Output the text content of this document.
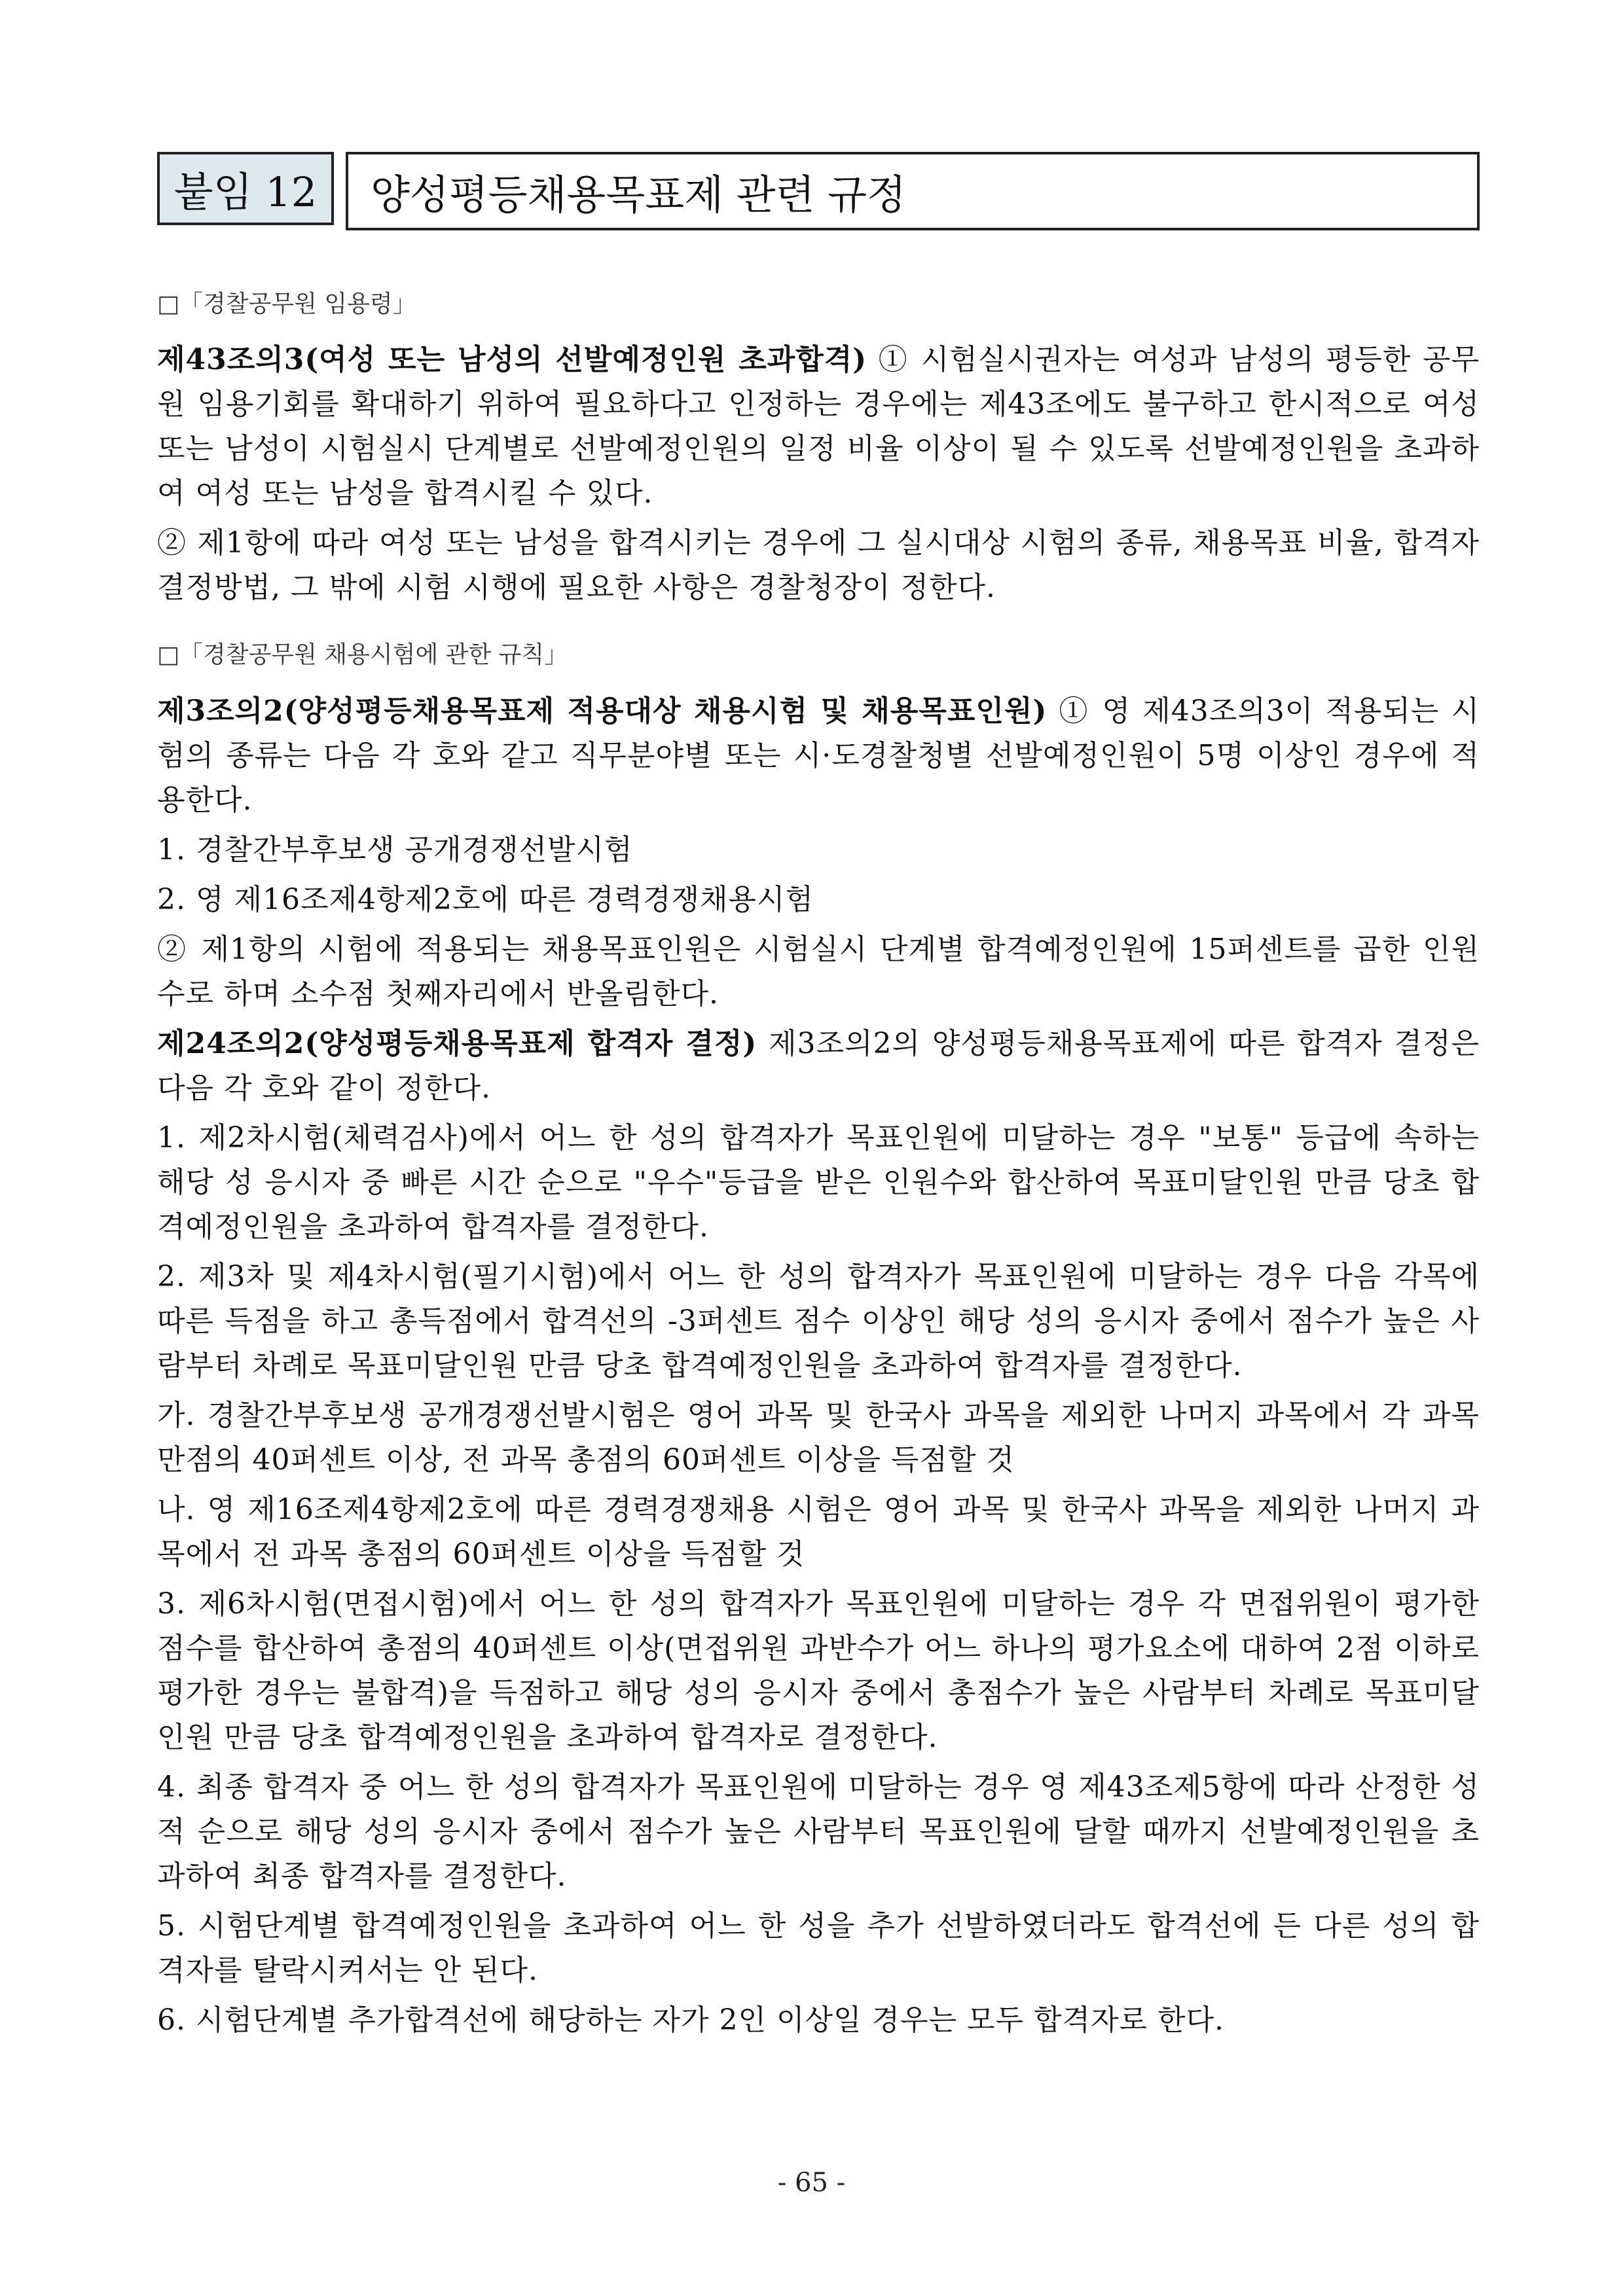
붙임 12	양성평등채용목표제 관련 규정
□「경찰공무원 임용령」

제43조의3(여성 또는 남성의 선발예정인원 초과합격) ① 시험실시권자는 여성과 남성의 평등한 공무원 임용기회를 확대하기 위하여 필요하다고 인정하는 경우에는 제43조에도 불구하고 한시적으로 여성 또는 남성이 시험실시 단계별로 선발예정인원의 일정 비율 이상이 될 수 있도록 선발예정인원을 초과하여 여성 또는 남성을 합격시킬 수 있다.

② 제1항에 따라 여성 또는 남성을 합격시키는 경우에 그 실시대상 시험의 종류, 채용목표 비율, 합격자 결정방법, 그 밖에 시험 시행에 필요한 사항은 경찰청장이 정한다.

□「경찰공무원 채용시험에 관한 규칙」

제3조의2(양성평등채용목표제 적용대상 채용시험 및 채용목표인원) ① 영 제43조의3이 적용되는 시험의 종류는 다음 각 호와 같고 직무분야별 또는 시·도경찰청별 선발예정인원이 5명 이상인 경우에 적용한다.

1. 경찰간부후보생 공개경쟁선발시험

2. 영 제16조제4항제2호에 따른 경력경쟁채용시험

② 제1항의 시험에 적용되는 채용목표인원은 시험실시 단계별 합격예정인원에 15퍼센트를 곱한 인원수로 하며 소수점 첫째자리에서 반올림한다.

제24조의2(양성평등채용목표제 합격자 결정) 제3조의2의 양성평등채용목표제에 따른 합격자 결정은 다음 각 호와 같이 정한다.

1. 제2차시험(체력검사)에서 어느 한 성의 합격자가 목표인원에 미달하는 경우 "보통" 등급에 속하는 해당 성 응시자 중 빠른 시간 순으로 "우수"등급을 받은 인원수와 합산하여 목표미달인원 만큼 당초 합격예정인원을 초과하여 합격자를 결정한다.

2. 제3차 및 제4차시험(필기시험)에서 어느 한 성의 합격자가 목표인원에 미달하는 경우 다음 각목에 따른 득점을 하고 총득점에서 합격선의 -3퍼센트 점수 이상인 해당 성의 응시자 중에서 점수가 높은 사람부터 차례로 목표미달인원 만큼 당초 합격예정인원을 초과하여 합격자를 결정한다.

가. 경찰간부후보생 공개경쟁선발시험은 영어 과목 및 한국사 과목을 제외한 나머지 과목에서 각 과목 만점의 40퍼센트 이상, 전 과목 총점의 60퍼센트 이상을 득점할 것

나. 영 제16조제4항제2호에 따른 경력경쟁채용 시험은 영어 과목 및 한국사 과목을 제외한 나머지 과목에서 전 과목 총점의 60퍼센트 이상을 득점할 것

3. 제6차시험(면접시험)에서 어느 한 성의 합격자가 목표인원에 미달하는 경우 각 면접위원이 평가한 점수를 합산하여 총점의 40퍼센트 이상(면접위원 과반수가 어느 하나의 평가요소에 대하여 2점 이하로 평가한 경우는 불합격)을 득점하고 해당 성의 응시자 중에서 총점수가 높은 사람부터 차례로 목표미달인원 만큼 당초 합격예정인원을 초과하여 합격자로 결정한다.

4. 최종 합격자 중 어느 한 성의 합격자가 목표인원에 미달하는 경우 영 제43조제5항에 따라 산정한 성적 순으로 해당 성의 응시자 중에서 점수가 높은 사람부터 목표인원에 달할 때까지 선발예정인원을 초과하여 최종 합격자를 결정한다.

5. 시험단계별 합격예정인원을 초과하여 어느 한 성을 추가 선발하였더라도 합격선에 든 다른 성의 합격자를 탈락시켜서는 안 된다.

6. 시험단계별 추가합격선에 해당하는 자가 2인 이상일 경우는 모두 합격자로 한다.

- 65 -
